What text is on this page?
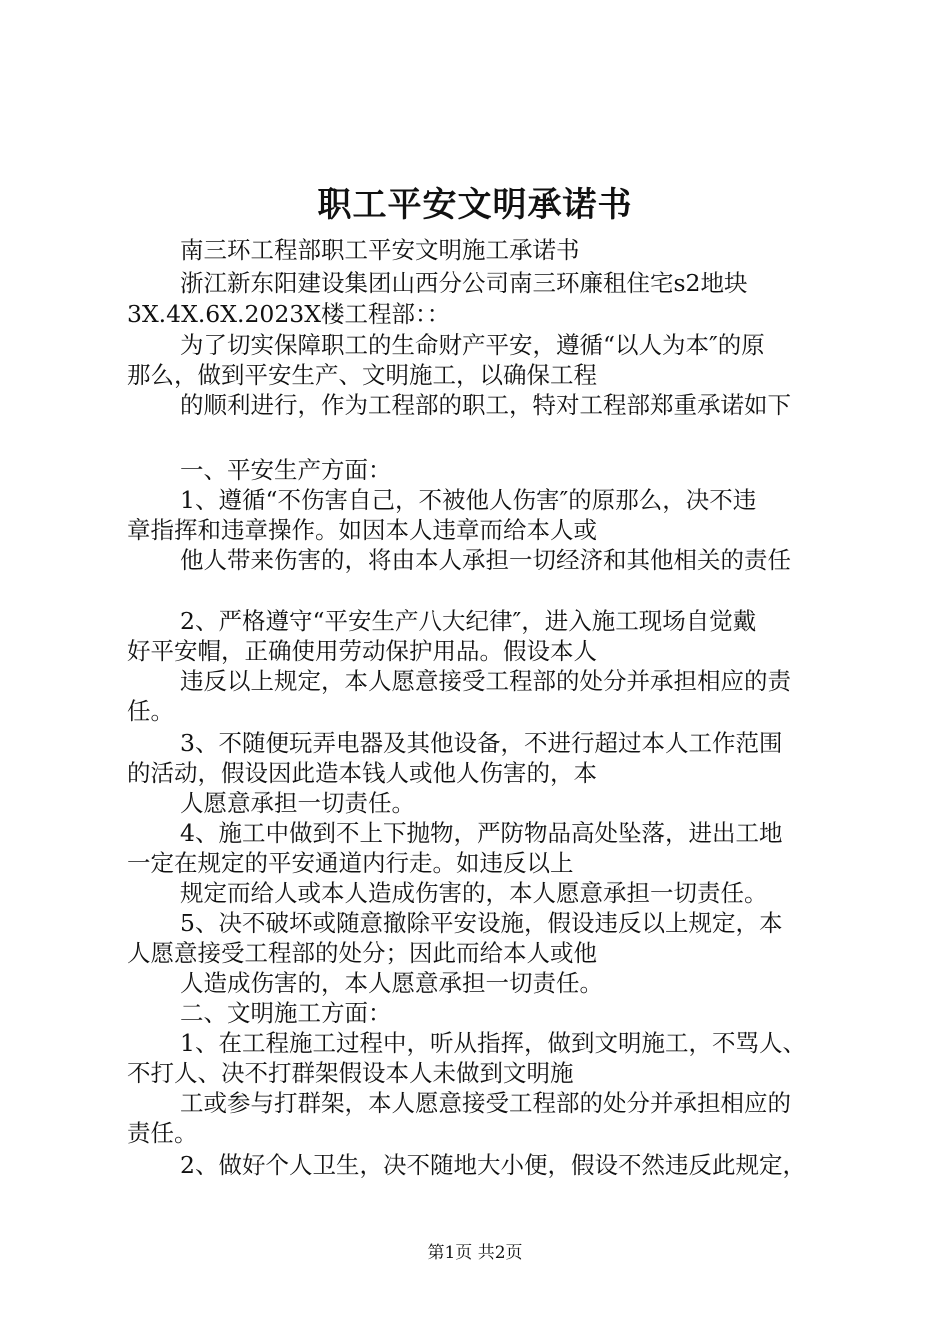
职工平安文明承诺书

南三环工程部职工平安文明施工承诺书

浙江新东阳建设集团山西分公司南三环廉租住宅s2地块

3X.4X.6X.2023X楼工程部：：

为了切实保障职工的生命财产平安，遵循“以人为本″的原

那么，做到平安生产、文明施工，以确保工程

的顺利进行，作为工程部的职工，特对工程部郑重承诺如下

一、平安生产方面：

1、遵循“不伤害自己，不被他人伤害″的原那么，决不违

章指挥和违章操作。如因本人违章而给本人或

他人带来伤害的，将由本人承担一切经济和其他相关的责任

2、严格遵守“平安生产八大纪律″，进入施工现场自觉戴

好平安帽，正确使用劳动保护用品。假设本人

违反以上规定，本人愿意接受工程部的处分并承担相应的责

任。

3、不随便玩弄电器及其他设备，不进行超过本人工作范围

的活动，假设因此造本钱人或他人伤害的，本

人愿意承担一切责任。

4、施工中做到不上下抛物，严防物品高处坠落，进出工地

一定在规定的平安通道内行走。如违反以上

规定而给人或本人造成伤害的，本人愿意承担一切责任。

5、决不破坏或随意撤除平安设施，假设违反以上规定，本

人愿意接受工程部的处分；因此而给本人或他

人造成伤害的，本人愿意承担一切责任。

二、文明施工方面：

1、在工程施工过程中，听从指挥，做到文明施工，不骂人、

不打人、决不打群架假设本人未做到文明施

工或参与打群架，本人愿意接受工程部的处分并承担相应的

责任。

2、做好个人卫生，决不随地大小便，假设不然违反此规定，

第1页 共2页
